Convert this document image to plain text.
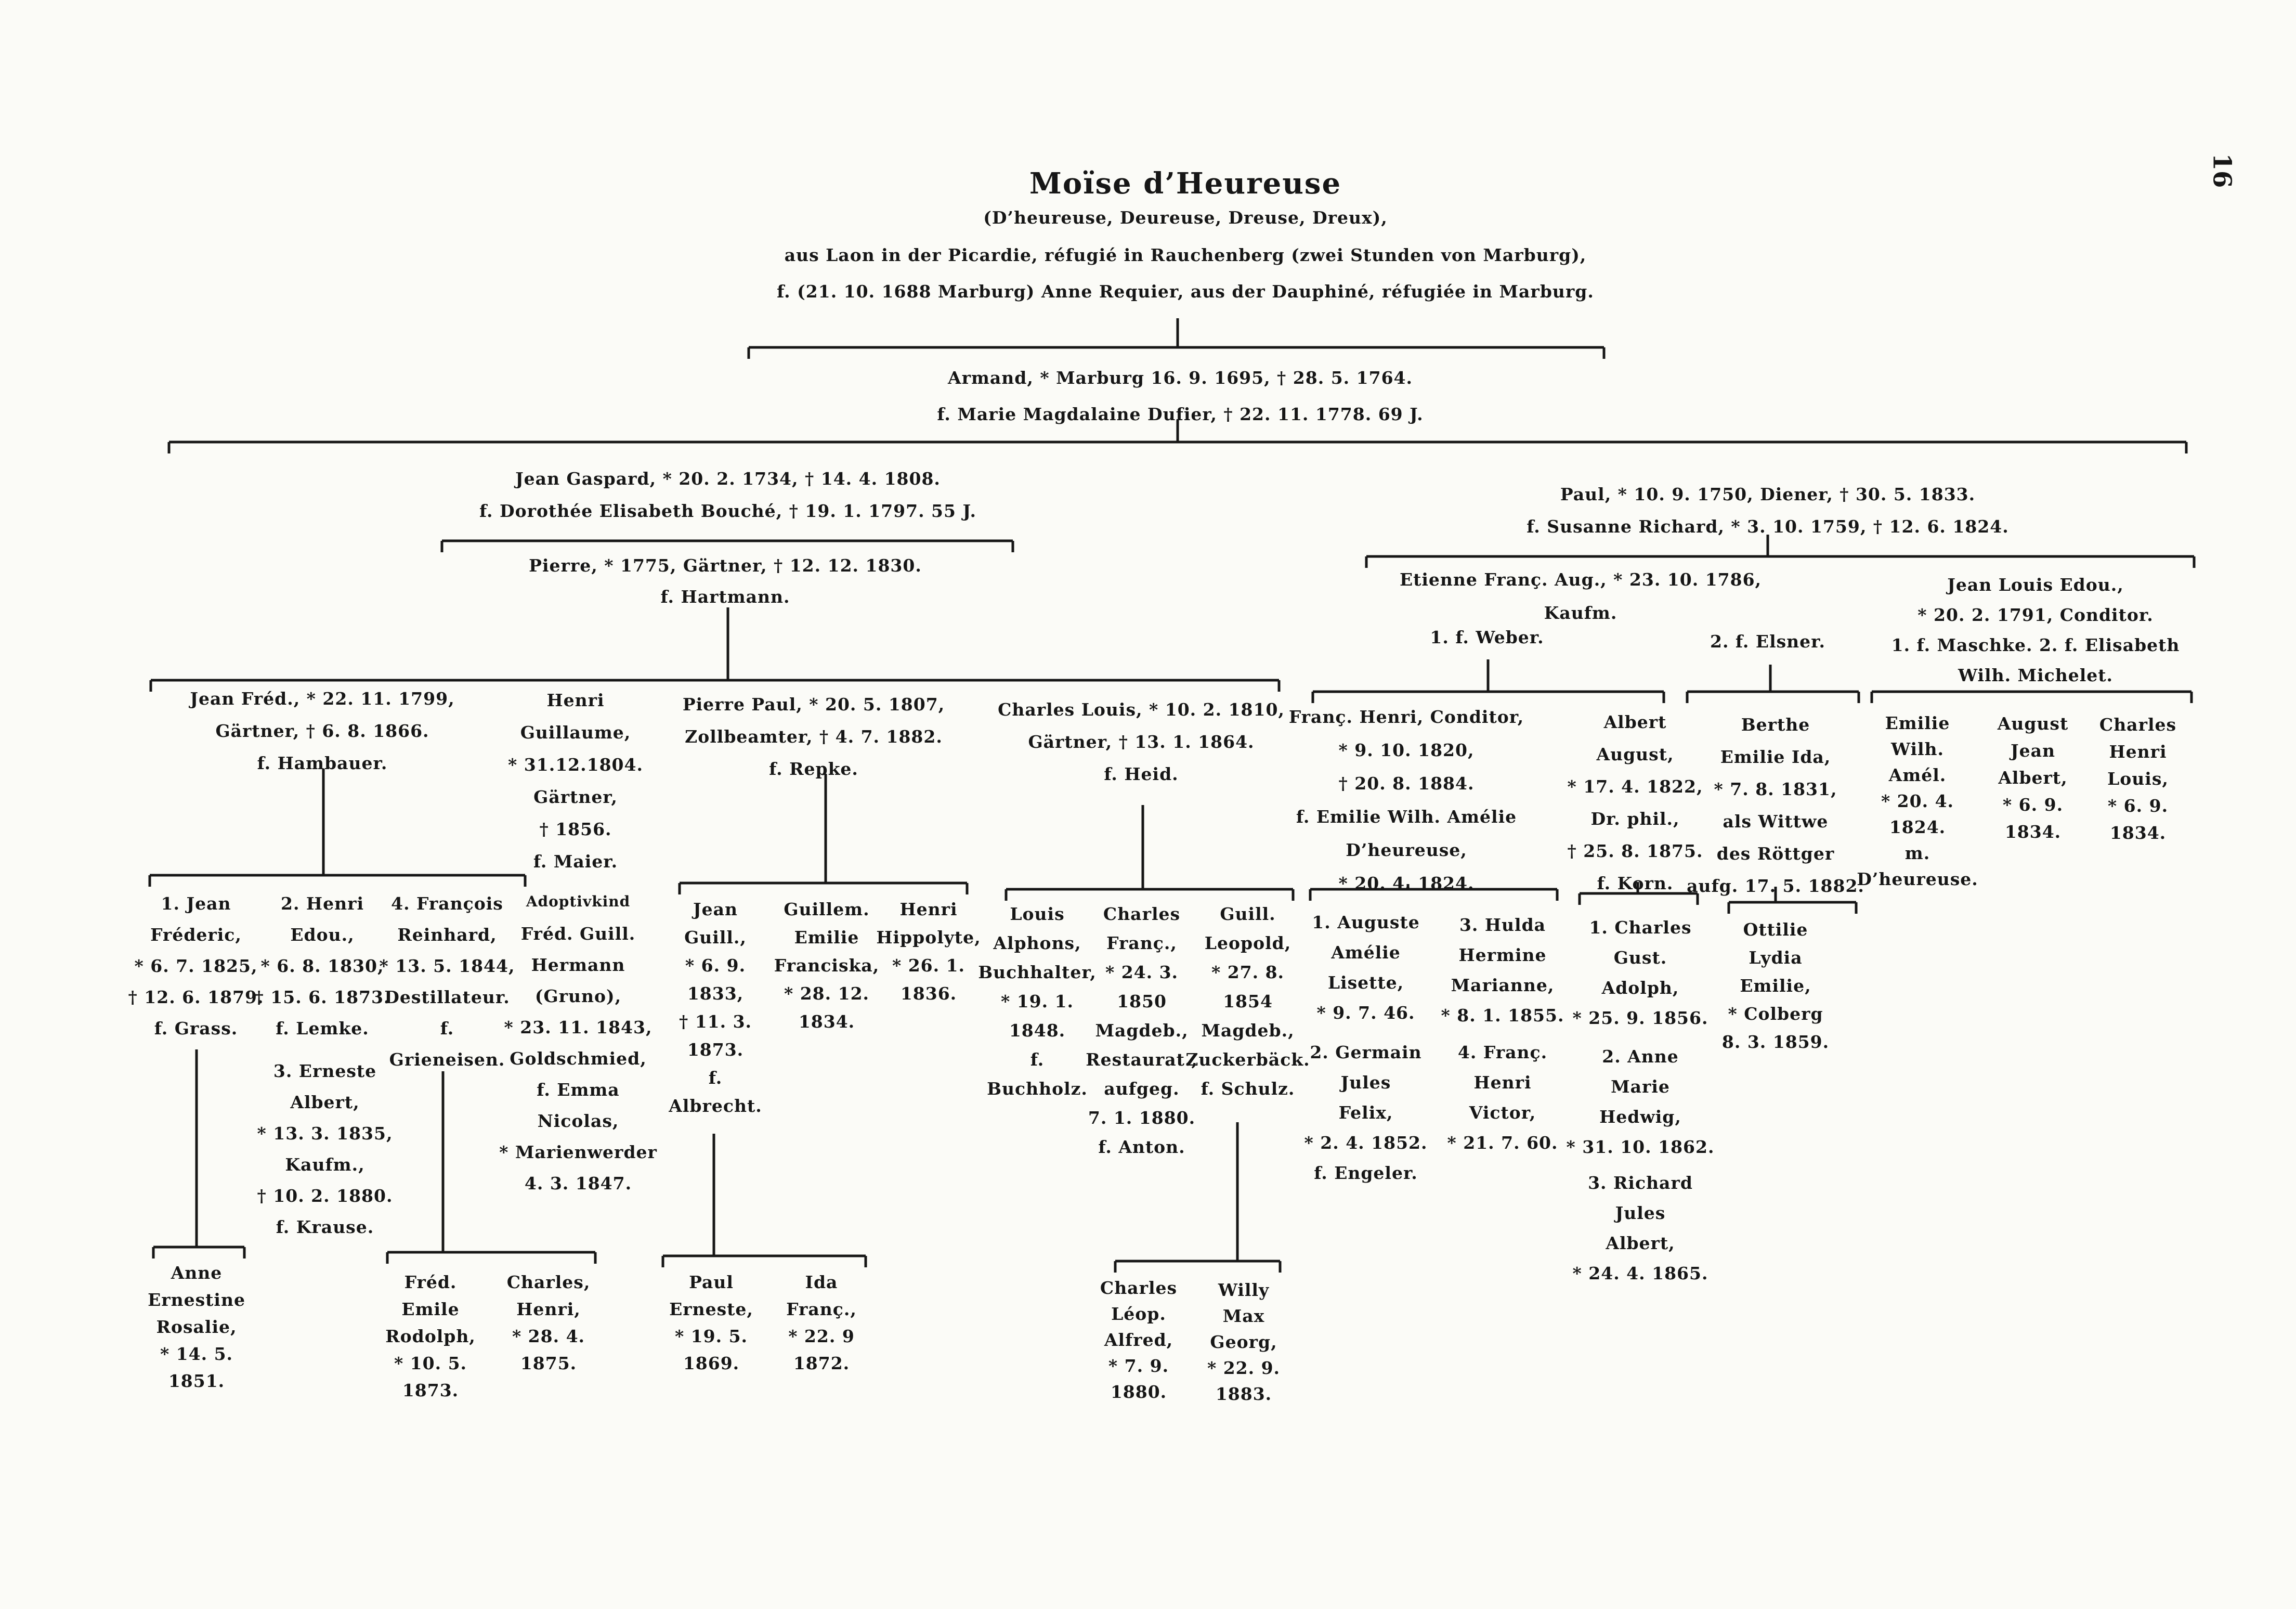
16
Moïse d’Heureuse
(D’heureuse, Deureuse, Dreuse, Dreux),
aus Laon in der Picardie, réfugié in Rauchenberg (zwei Stunden von Marburg),
f. (21. 10. 1688 Marburg) Anne Requier, aus der Dauphiné, réfugiée in Marburg.
Armand, * Marburg 16. 9. 1695, † 28. 5. 1764.
f. Marie Magdalaine Dufier, † 22. 11. 1778. 69 J.
Jean Gaspard, * 20. 2. 1734, † 14. 4. 1808.
f. Dorothée Elisabeth Bouché, † 19. 1. 1797. 55 J.
Paul, * 10. 9. 1750, Diener, † 30. 5. 1833.
f. Susanne Richard, * 3. 10. 1759, † 12. 6. 1824.
Pierre, * 1775, Gärtner, † 12. 12. 1830.
f. Hartmann.
Etienne Franç. Aug., * 23. 10. 1786,
Kaufm.
1. f. Weber.	2. f. Elsner.
Jean Louis Edou.,
* 20. 2. 1791, Conditor.
1. f. Maschke. 2. f. Elisabeth
Wilh. Michelet.
Jean Fréd., * 22. 11. 1799,
Gärtner, † 6. 8. 1866.
f. Hambauer.
Henri
Guillaume,
* 31.12.1804.
Gärtner,
† 1856.
f. Maier.
Pierre Paul, * 20. 5. 1807,
Zollbeamter, † 4. 7. 1882.
f. Repke.
Charles Louis, * 10. 2. 1810,
Gärtner, † 13. 1. 1864.
f. Heid.
Franç. Henri, Conditor,
* 9. 10. 1820,
† 20. 8. 1884.
f. Emilie Wilh. Amélie
D’heureuse,
* 20. 4. 1824.
Albert
August,
* 17. 4. 1822,
Dr. phil.,
† 25. 8. 1875.
f. Korn.
Berthe
Emilie Ida,
* 7. 8. 1831,
als Wittwe
des Röttger
aufg. 17. 5. 1882.
Emilie
Wilh.
Amél.
* 20. 4.
1824.
m.
D’heureuse.
August
Jean
Albert,
* 6. 9.
1834.
Charles
Henri
Louis,
* 6. 9.
1834.
1. Jean
Fréderic,
* 6. 7. 1825,
† 12. 6. 1879.
f. Grass.
2. Henri
Edou.,
* 6. 8. 1830,
† 15. 6. 1873.
f. Lemke.
3. Erneste
Albert,
* 13. 3. 1835,
Kaufm.,
† 10. 2. 1880.
f. Krause.
4. François
Reinhard,
* 13. 5. 1844,
Destillateur.
f.
Grieneisen.
Adoptivkind
Fréd. Guill.
Hermann
(Gruno),
* 23. 11. 1843,
Goldschmied,
f. Emma
Nicolas,
* Marienwerder
4. 3. 1847.
Jean
Guill.,
* 6. 9.
1833,
† 11. 3.
1873.
f.
Albrecht.
Guillem.
Emilie
Franciska,
* 28. 12.
1834.
Henri
Hippolyte,
* 26. 1.
1836.
Louis
Alphons,
Buchhalter,
* 19. 1.
1848.
f.
Buchholz.
Charles
Franç.,
* 24. 3.
1850
Magdeb.,
Restaurat.,
aufgeg.
7. 1. 1880.
f. Anton.
Guill.
Leopold,
* 27. 8.
1854
Magdeb.,
Zuckerbäck.
f. Schulz.
1. Auguste
Amélie
Lisette,
* 9. 7. 46.
2. Germain
Jules
Felix,
* 2. 4. 1852.
f. Engeler.
3. Hulda
Hermine
Marianne,
* 8. 1. 1855.
4. Franç.
Henri
Victor,
* 21. 7. 60.
1. Charles
Gust.
Adolph,
* 25. 9. 1856.
2. Anne
Marie
Hedwig,
* 31. 10. 1862.
3. Richard
Jules
Albert,
* 24. 4. 1865.
Ottilie
Lydia
Emilie,
* Colberg
8. 3. 1859.
Anne
Ernestine
Rosalie,
* 14. 5.
1851.
Fréd.
Emile
Rodolph,
* 10. 5.
1873.
Charles,
Henri,
* 28. 4.
1875.
Paul
Erneste,
* 19. 5.
1869.
Ida
Franç.,
* 22. 9
1872.
Charles
Léop.
Alfred,
* 7. 9.
1880.
Willy
Max
Georg,
* 22. 9.
1883.
